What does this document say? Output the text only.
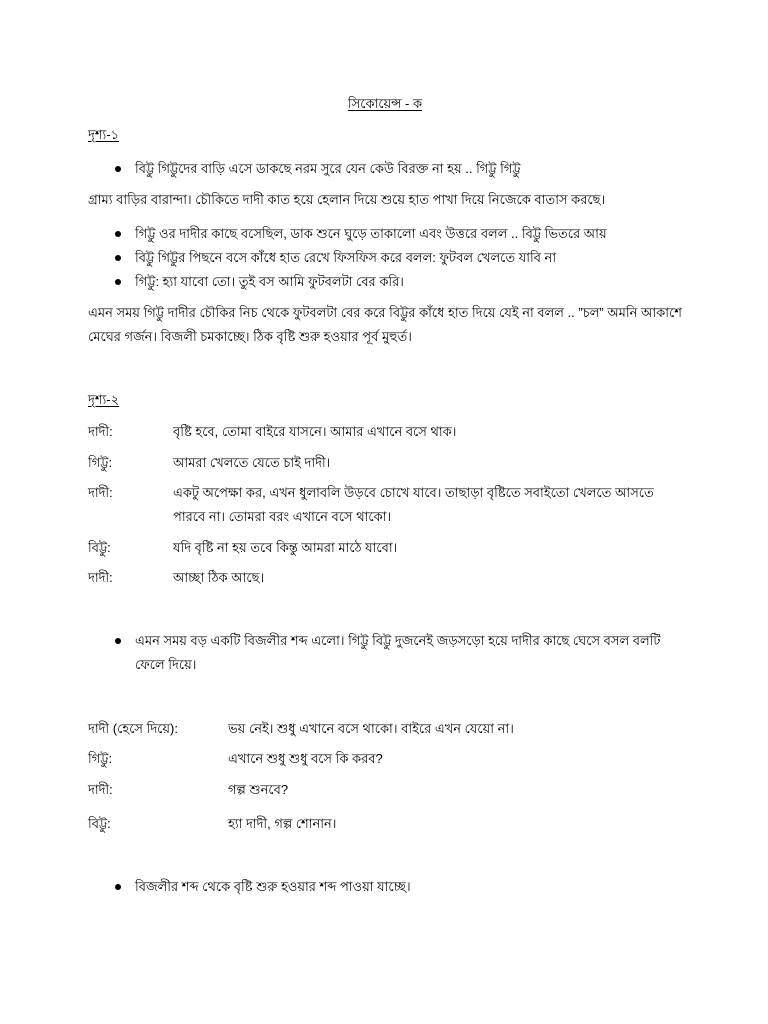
সিকোয়েন্স - ক
দৃশ্য-১
বিট্টু গিট্টুদের বাড়ি এসে ডাকছে নরম সুরে যেন কেউ বিরক্ত না হয় .. গিট্টু গিট্টু

গ্রাম্য বাড়ির বারান্দা। চৌকিতে দাদী কাত হয়ে হেলান দিয়ে শুয়ে হাত পাখা দিয়ে নিজেকে বাতাস করছে।

গিট্টু ওর দাদীর কাছে বসেছিল, ডাক শুনে ঘুড়ে তাকালো এবং উত্তরে বলল .. বিট্টু ভিতরে আয়
বিট্টু গিট্টুর পিছনে বসে কাঁধে হাত রেখে ফিসফিস করে বলল: ফুটবল খেলতে যাবি না
গিট্টু: হ্যা যাবো তো। তুই বস আমি ফুটবলটা বের করি।

এমন সময় গিট্টু দাদীর চৌকির নিচ থেকে ফুটবলটা বের করে বিট্টুর কাঁধে হাত দিয়ে যেই না বলল .. ”চল” অমনি আকাশে মেঘের গর্জন। বিজলী চমকাচ্ছে। ঠিক বৃষ্টি শুরু হওয়ার পূর্ব মুহুর্ত।

দৃশ্য-২
দাদী:	বৃষ্টি হবে, তোমা বাইরে যাসনে। আমার এখানে বসে থাক।
গিট্টু:	আমরা খেলতে যেতে চাই দাদী।
দাদী:	একটু অপেক্ষা কর, এখন ধুলাবলি উড়বে চোখে যাবে। তাছাড়া বৃষ্টিতে সবাইতো খেলতে আসতে পারবে না। তোমরা বরং এখানে বসে থাকো।
বিট্টু:	যদি বৃষ্টি না হয় তবে কিন্তু আমরা মাঠে যাবো।
দাদী:	আচ্ছা ঠিক আছে।
এমন সময় বড় একটি বিজলীর শব্দ এলো। গিট্টু বিট্টু দুজনেই জড়সড়ো হয়ে দাদীর কাছে ঘেসে বসল বলটি ফেলে দিয়ে।
দাদী (হেসে দিয়ে):	ভয় নেই। শুধু এখানে বসে থাকো। বাইরে এখন যেয়ো না।
গিট্টু:	এখানে শুধু শুধু বসে কি করব?
দাদী:	গল্প শুনবে?
বিট্টু:	হ্যা দাদী, গল্প শোনান।
বিজলীর শব্দ থেকে বৃষ্টি শুরু হওয়ার শব্দ পাওয়া যাচ্ছে।
